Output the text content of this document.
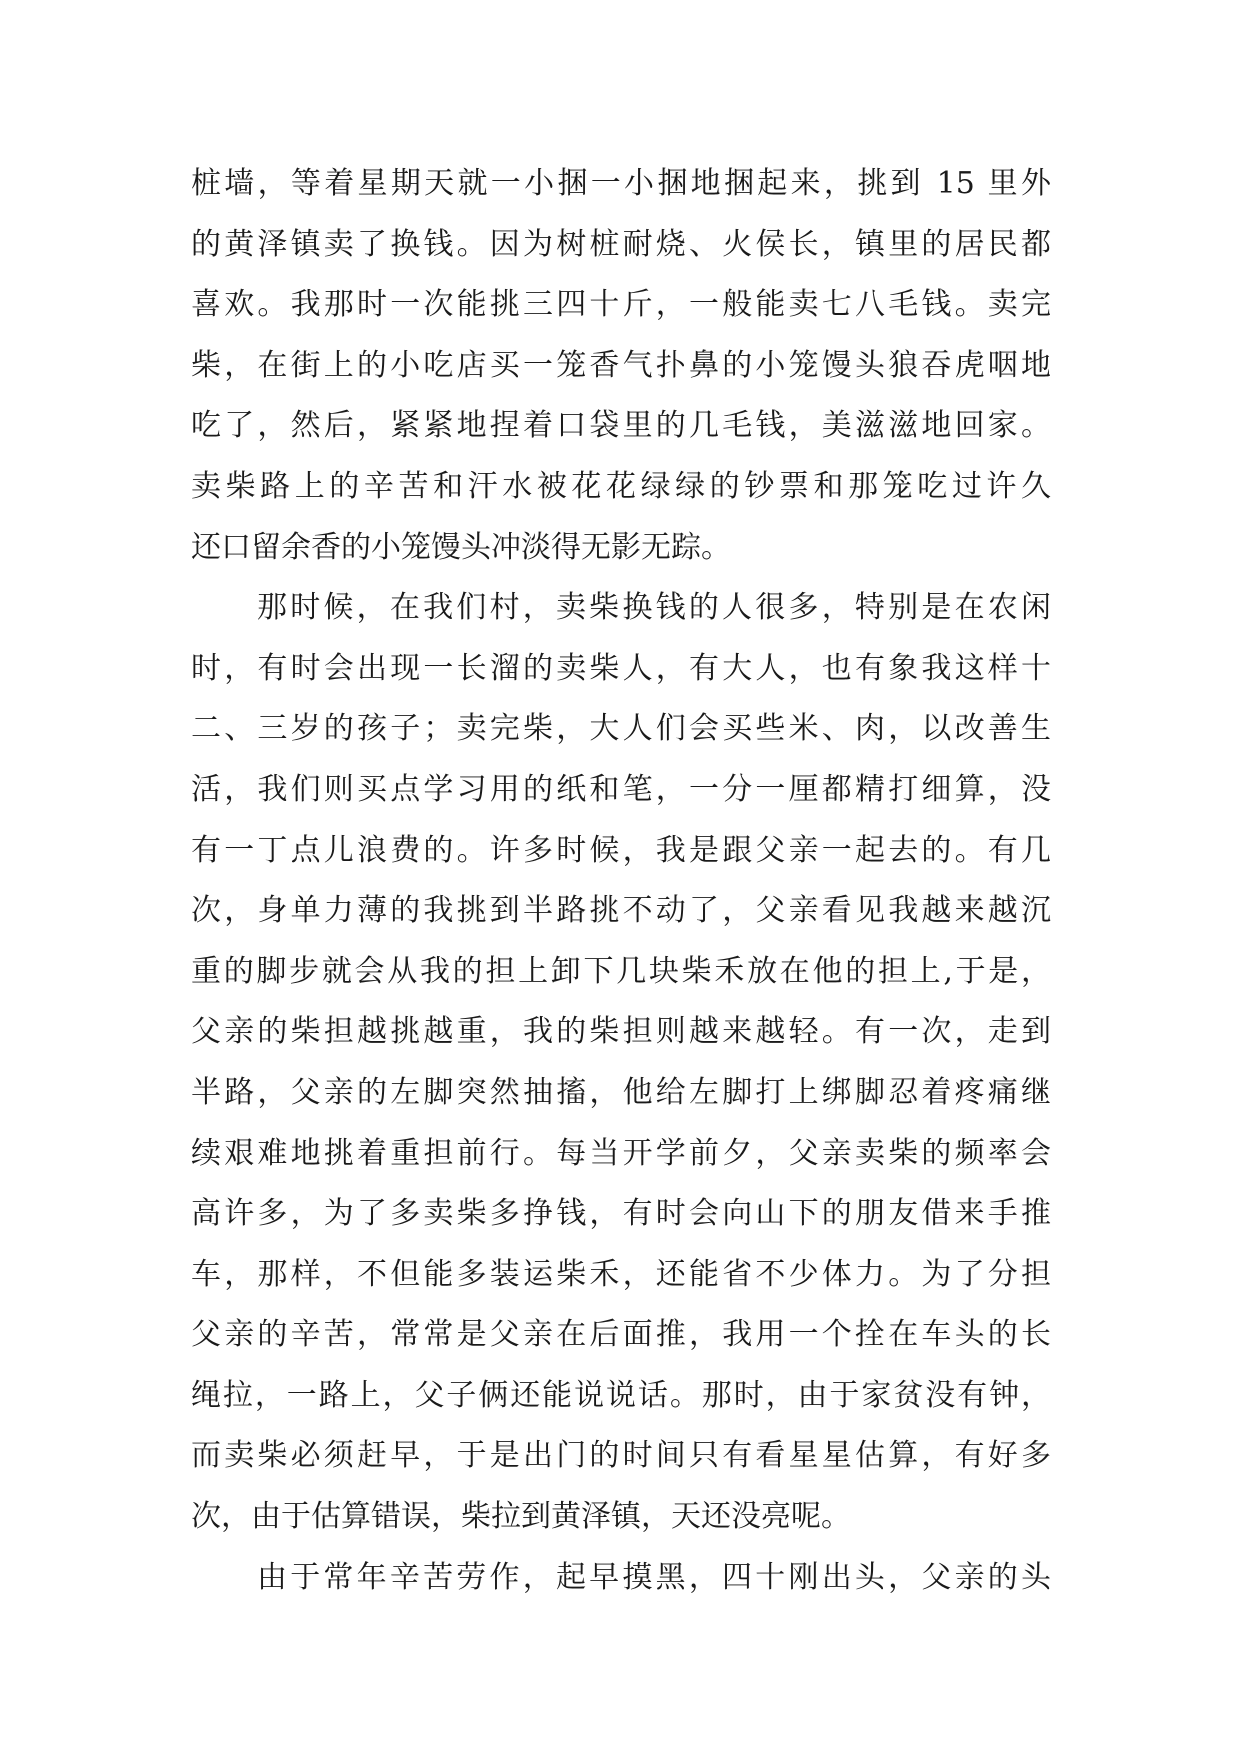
桩墙，等着星期天就一小捆一小捆地捆起来，挑到 15 里外
的黄泽镇卖了换钱。因为树桩耐烧、火侯长，镇里的居民都
喜欢。我那时一次能挑三四十斤，一般能卖七八毛钱。卖完
柴，在街上的小吃店买一笼香气扑鼻的小笼馒头狼吞虎咽地
吃了，然后，紧紧地捏着口袋里的几毛钱，美滋滋地回家。
卖柴路上的辛苦和汗水被花花绿绿的钞票和那笼吃过许久
还口留余香的小笼馒头冲淡得无影无踪。
那时候，在我们村，卖柴换钱的人很多，特别是在农闲
时，有时会出现一长溜的卖柴人，有大人，也有象我这样十
二、三岁的孩子；卖完柴，大人们会买些米、肉，以改善生
活，我们则买点学习用的纸和笔，一分一厘都精打细算，没
有一丁点儿浪费的。许多时候，我是跟父亲一起去的。有几
次，身单力薄的我挑到半路挑不动了，父亲看见我越来越沉
重的脚步就会从我的担上卸下几块柴禾放在他的担上,于是，
父亲的柴担越挑越重，我的柴担则越来越轻。有一次，走到
半路，父亲的左脚突然抽搐，他给左脚打上绑脚忍着疼痛继
续艰难地挑着重担前行。每当开学前夕，父亲卖柴的频率会
高许多，为了多卖柴多挣钱，有时会向山下的朋友借来手推
车，那样，不但能多装运柴禾，还能省不少体力。为了分担
父亲的辛苦，常常是父亲在后面推，我用一个拴在车头的长
绳拉，一路上，父子俩还能说说话。那时，由于家贫没有钟，
而卖柴必须赶早，于是出门的时间只有看星星估算，有好多
次，由于估算错误，柴拉到黄泽镇，天还没亮呢。
由于常年辛苦劳作，起早摸黑，四十刚出头，父亲的头
